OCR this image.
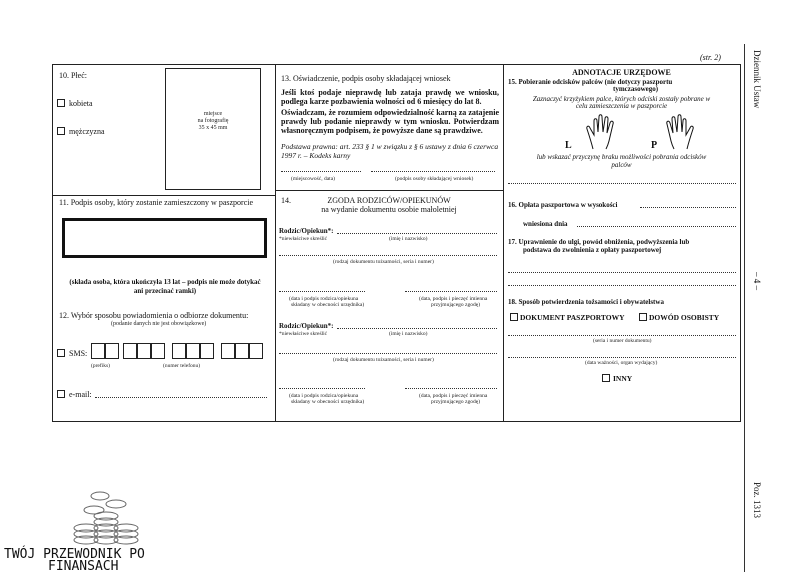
(str. 2)	Dziennik Ustaw
– 4 –
Poz. 1313
10. Płeć:
kobieta
mężczyzna
miejsce
na fotografię
35 x 45 mm
11. Podpis osoby, który zostanie zamieszczony w paszporcie
(składa osoba, która ukończyła 13 lat – podpis nie może dotykać
ani przecinać ramki)
12. Wybór sposobu powiadomienia o odbiorze dokumentu:
(podanie danych nie jest obowiązkowe)
SMS:
(prefiks)	(numer telefonu)
e-mail:
13. Oświadczenie, podpis osoby składającej wniosek
Jeśli ktoś podaje nieprawdę lub zataja prawdę we wniosku, podlega karze pozbawienia wolności od 6 miesięcy do lat 8.
Oświadczam, że rozumiem odpowiedzialność karną za zatajenie prawdy lub podanie nieprawdy w tym wniosku. Potwierdzam własnoręcznym podpisem, że powyższe dane są prawdziwe.
Podstawa prawna: art. 233 § 1 w związku z § 6 ustawy z dnia 6 czerwca 1997 r. – Kodeks karny
(miejscowość, data)	(podpis osoby składającej wniosek)
14.	ZGODA RODZICÓW/OPIEKUNÓW
na wydanie dokumentu osobie małoletniej
Rodzic/Opiekun*:
*niewłaściwe skreślić	(imię i nazwisko)
(rodzaj dokumentu tożsamości, seria i numer)
(data i podpis rodzica/opiekuna
składany w obecności urzędnika)
(data, podpis i pieczęć imienna
przyjmującego zgodę)
Rodzic/Opiekun*:
*niewłaściwe skreślić	(imię i nazwisko)
(rodzaj dokumentu tożsamości, seria i numer)
(data i podpis rodzica/opiekuna
składany w obecności urzędnika)
(data, podpis i pieczęć imienna
przyjmującego zgodę)
ADNOTACJE URZĘDOWE
15. Pobieranie odcisków palców (nie dotyczy paszportu
tymczasowego)
Zaznaczyć krzyżykiem palce, których odciski zostały pobrane w
celu zamieszczenia w paszporcie
L	P
lub wskazać przyczynę braku możliwości pobrania odcisków
palców
16. Opłata paszportowa w wysokości
wniesiona dnia
17. Uprawnienie do ulgi, powód obniżenia, podwyższenia lub
podstawa do zwolnienia z opłaty paszportowej
18. Sposób potwierdzenia tożsamości i obywatelstwa
DOKUMENT PASZPORTOWY	DOWÓD OSOBISTY
(seria i numer dokumentu)
(data ważności, organ wydający)
INNY
TWÓJ PRZEWODNIK PO
FINANSACH
